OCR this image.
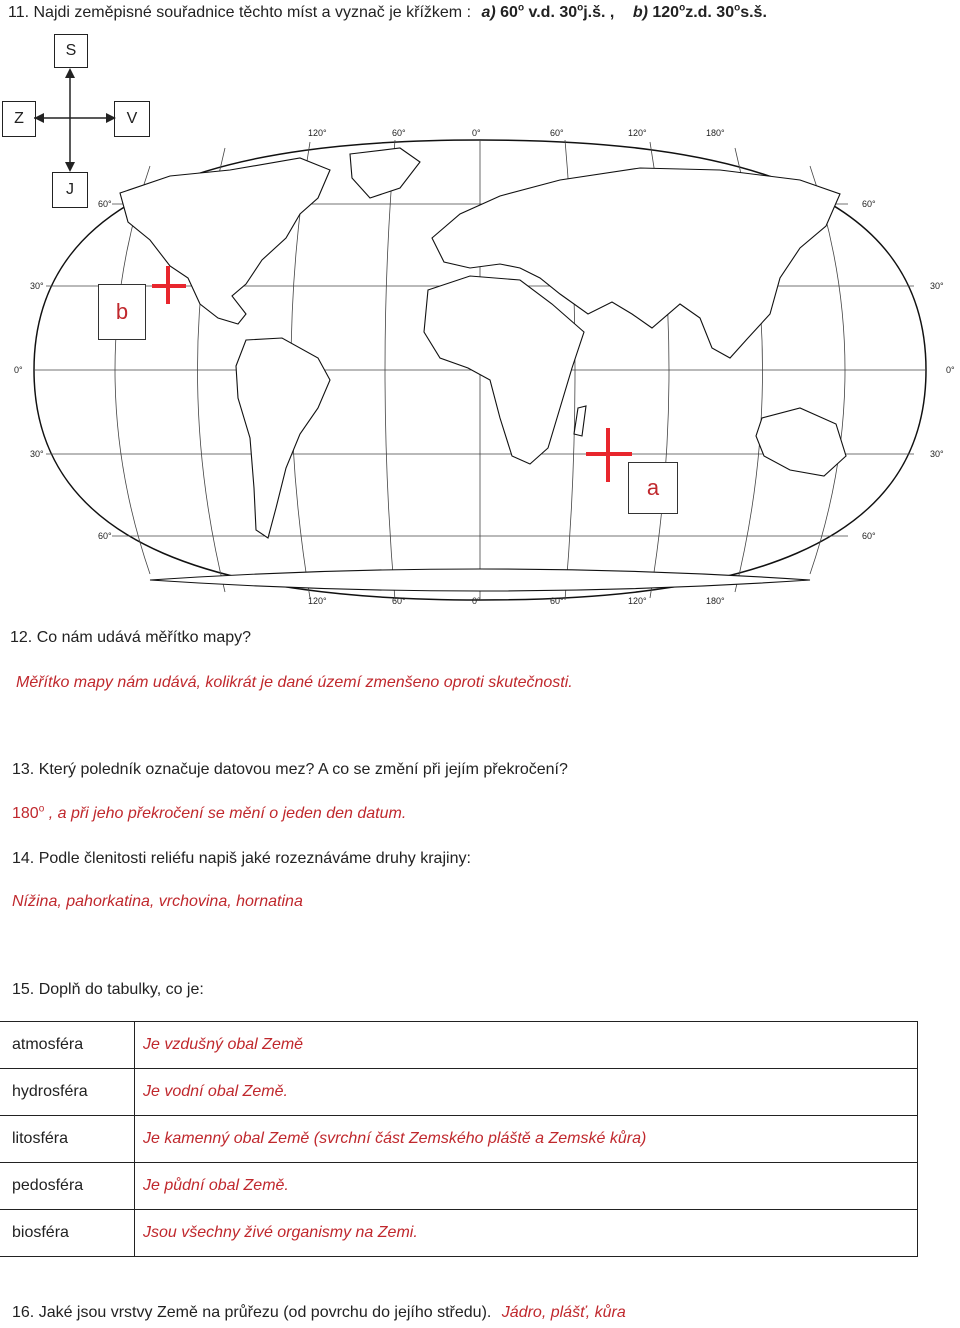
11. Najdi zeměpisné souřadnice těchto míst a vyznač je křížkem : a) 60$^o$ v.d. 30$^o$j.š. , b) 120$^o$z.d. 30$^o$s.š.
120°	60°	0°	60°	120°	180°
120°	60°	0°	60°	120°	180°
60°
30°
0°
30°
60°
60°
30°
0°
30°
60°
S
Z	V
J
b
a
12. Co nám udává měřítko mapy?
Měřítko mapy nám udává, kolikrát je dané území zmenšeno oproti skutečnosti.
13. Který poledník označuje datovou mez? A co se změní při jejím překročení?
180$^o$ , a při jeho překročení se mění o jeden den datum.
14. Podle členitosti reliéfu napiš jaké rozeznáváme druhy krajiny:
Nížina, pahorkatina, vrchovina, hornatina
15. Doplň do tabulky, co je:
atmosféra	Je vzdušný obal Země
hydrosféra	Je vodní obal Země.
litosféra	Je kamenný obal Země (svrchní část Zemského pláště a Zemské kůra)
pedosféra	Je půdní obal Země.
biosféra	Jsou všechny živé organismy na Zemi.
16. Jaké jsou vrstvy Země na průřezu (od povrchu do jejího středu). Jádro, plášť, kůra
